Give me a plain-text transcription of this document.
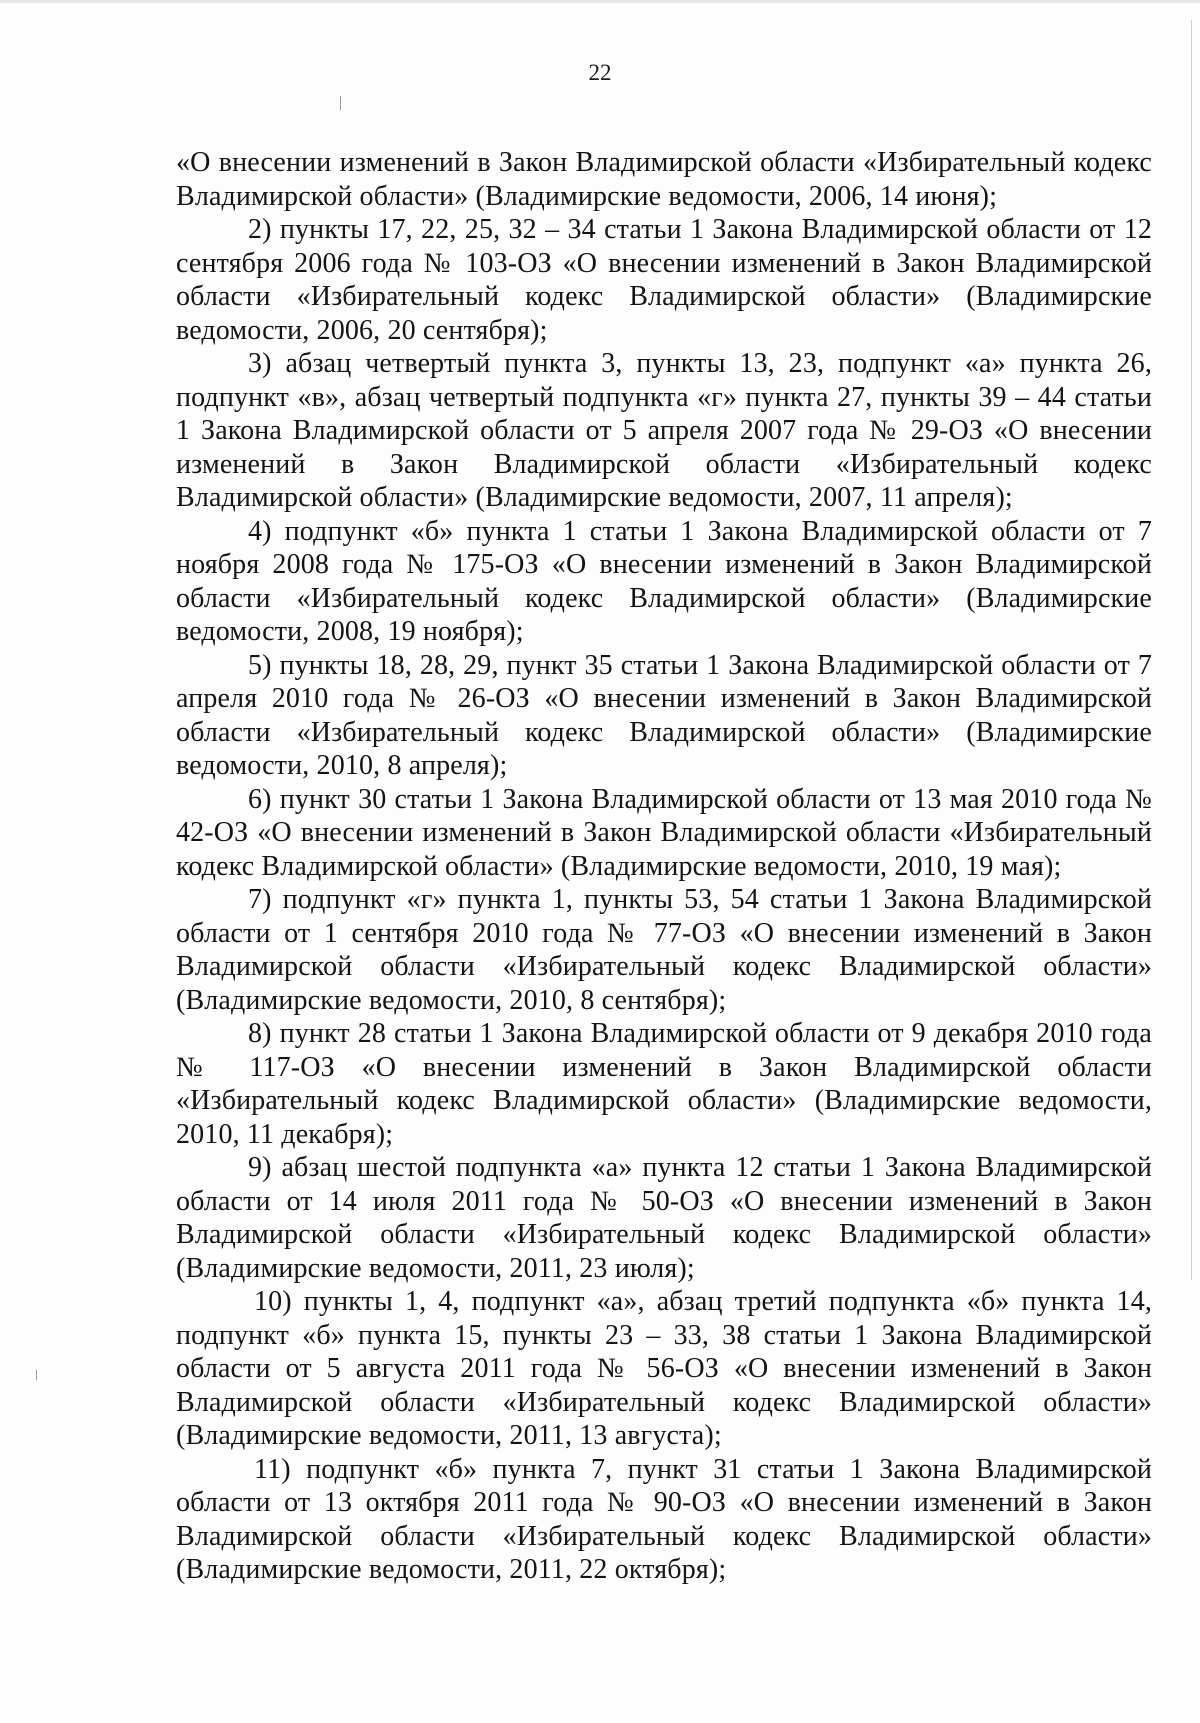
22

«О внесении изменений в Закон Владимирской области «Избирательный кодекс Владимирской области» (Владимирские ведомости, 2006, 14 июня);

2) пункты 17, 22, 25, 32 – 34 статьи 1 Закона Владимирской области от 12 сентября 2006 года № 103-ОЗ «О внесении изменений в Закон Владимирской области «Избирательный кодекс Владимирской области» (Владимирские ведомости, 2006, 20 сентября);

3) абзац четвертый пункта 3, пункты 13, 23, подпункт «а» пункта 26, подпункт «в», абзац четвертый подпункта «г» пункта 27, пункты 39 – 44 статьи 1 Закона Владимирской области от 5 апреля 2007 года № 29-ОЗ «О внесении изменений в Закон Владимирской области «Избирательный кодекс Владимирской области» (Владимирские ведомости, 2007, 11 апреля);

4) подпункт «б» пункта 1 статьи 1 Закона Владимирской области от 7 ноября 2008 года № 175-ОЗ «О внесении изменений в Закон Владимирской области «Избирательный кодекс Владимирской области» (Владимирские ведомости, 2008, 19 ноября);

5) пункты 18, 28, 29, пункт 35 статьи 1 Закона Владимирской области от 7 апреля 2010 года № 26-ОЗ «О внесении изменений в Закон Владимирской области «Избирательный кодекс Владимирской области» (Владимирские ведомости, 2010, 8 апреля);

6) пункт 30 статьи 1 Закона Владимирской области от 13 мая 2010 года № 42-ОЗ «О внесении изменений в Закон Владимирской области «Избирательный кодекс Владимирской области» (Владимирские ведомости, 2010, 19 мая);

7) подпункт «г» пункта 1, пункты 53, 54 статьи 1 Закона Владимирской области от 1 сентября 2010 года № 77-ОЗ «О внесении изменений в Закон Владимирской области «Избирательный кодекс Владимирской области» (Владимирские ведомости, 2010, 8 сентября);

8) пункт 28 статьи 1 Закона Владимирской области от 9 декабря 2010 года № 117-ОЗ «О внесении изменений в Закон Владимирской области «Избирательный кодекс Владимирской области» (Владимирские ведомости, 2010, 11 декабря);

9) абзац шестой подпункта «а» пункта 12 статьи 1 Закона Владимирской области от 14 июля 2011 года № 50-ОЗ «О внесении изменений в Закон Владимирской области «Избирательный кодекс Владимирской области» (Владимирские ведомости, 2011, 23 июля);

10) пункты 1, 4, подпункт «а», абзац третий подпункта «б» пункта 14, подпункт «б» пункта 15, пункты 23 – 33, 38 статьи 1 Закона Владимирской области от 5 августа 2011 года № 56-ОЗ «О внесении изменений в Закон Владимирской области «Избирательный кодекс Владимирской области» (Владимирские ведомости, 2011, 13 августа);

11) подпункт «б» пункта 7, пункт 31 статьи 1 Закона Владимирской области от 13 октября 2011 года № 90-ОЗ «О внесении изменений в Закон Владимирской области «Избирательный кодекс Владимирской области» (Владимирские ведомости, 2011, 22 октября);
